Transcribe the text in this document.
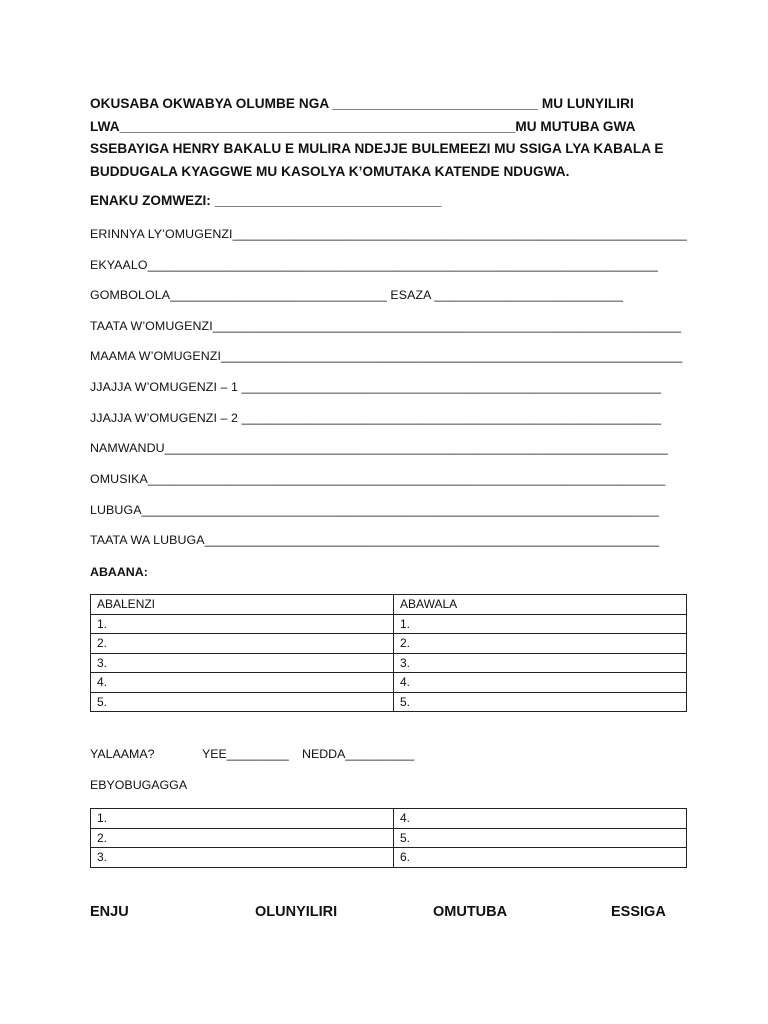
OKUSABA OKWABYA OLUMBE NGA ___________________________ MU LUNYILIRI
LWA____________________________________________________MU MUTUBA GWA
SSEBAYIGA HENRY BAKALU E MULIRA NDEJJE BULEMEEZI MU SSIGA LYA KABALA E
BUDDUGALA KYAGGWE MU KASOLYA K’OMUTAKA KATENDE NDUGWA.
ENAKU ZOMWEZI: ______________________________
ERINNYA LY’OMUGENZI_________________________________________________________________
EKYAALO_________________________________________________________________________
GOMBOLOLA_______________________________ ESAZA ___________________________
TAATA W’OMUGENZI___________________________________________________________________
MAAMA W’OMUGENZI__________________________________________________________________
JJAJJA W’OMUGENZI – 1 ____________________________________________________________
JJAJJA W’OMUGENZI – 2 ____________________________________________________________
NAMWANDU________________________________________________________________________
OMUSIKA__________________________________________________________________________
LUBUGA__________________________________________________________________________
TAATA WA LUBUGA_________________________________________________________________
ABAANA:
ABALENZI	ABAWALA
1.	1.
2.	2.
3.	3.
4.	4.
5.	5.
YALAAMA?	YEE_________ NEDDA__________
EBYOBUGAGGA
1.	4.
2.	5.
3.	6.
ENJU	OLUNYILIRI	OMUTUBA	ESSIGA
